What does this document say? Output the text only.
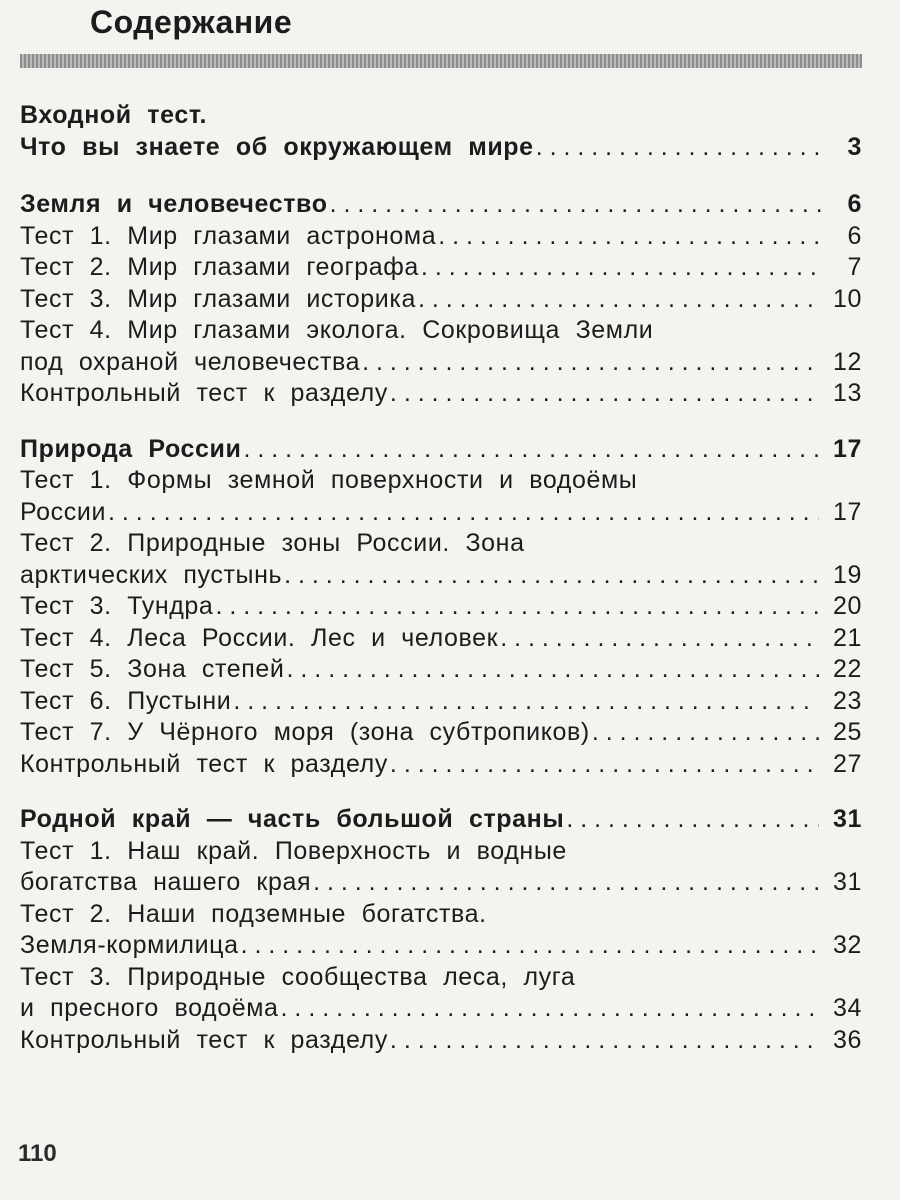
Содержание
Входной тест.
Что вы знаете об окружающем мире . . .	3
Земля и человечество . . .	6
Тест 1. Мир глазами астронома . . .	6
Тест 2. Мир глазами географа . . .	7
Тест 3. Мир глазами историка . . .	10
Тест 4. Мир глазами эколога. Сокровища Земли
под охраной человечества . . .	12
Контрольный тест к разделу . . .	13
Природа России . . .	17
Тест 1. Формы земной поверхности и водоёмы
России . . .	17
Тест 2. Природные зоны России. Зона
арктических пустынь . . .	19
Тест 3. Тундра . . .	20
Тест 4. Леса России. Лес и человек . . .	21
Тест 5. Зона степей . . .	22
Тест 6. Пустыни . . .	23
Тест 7. У Чёрного моря (зона субтропиков) . . .	25
Контрольный тест к разделу . . .	27
Родной край — часть большой страны . . .	31
Тест 1. Наш край. Поверхность и водные
богатства нашего края . . .	31
Тест 2. Наши подземные богатства.
Земля-кормилица . . .	32
Тест 3. Природные сообщества леса, луга
и пресного водоёма . . .	34
Контрольный тест к разделу . . .	36
110
